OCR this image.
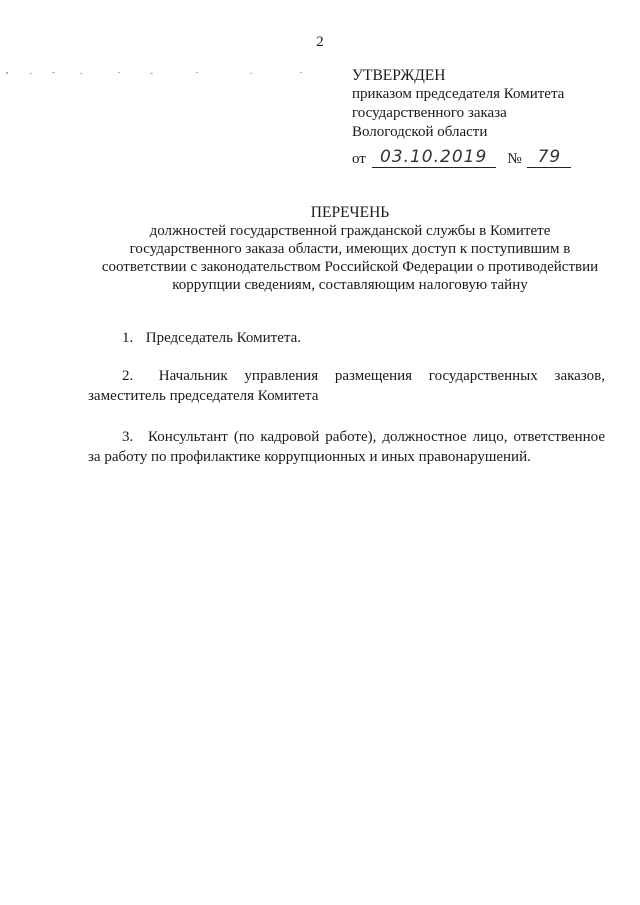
2
УТВЕРЖДЕН
приказом председателя Комитета
государственного заказа
Вологодской области
от 03.10.2019 № 79
ПЕРЕЧЕНЬ
должностей государственной гражданской службы в Комитете
государственного заказа области, имеющих доступ к поступившим в
соответствии с законодательством Российской Федерации о противодействии
коррупции сведениям, составляющим налоговую тайну
1. Председатель Комитета.
2. Начальник управления размещения государственных заказов, заместитель председателя Комитета
3. Консультант (по кадровой работе), должностное лицо, ответственное за работу по профилактике коррупционных и иных правонарушений.
